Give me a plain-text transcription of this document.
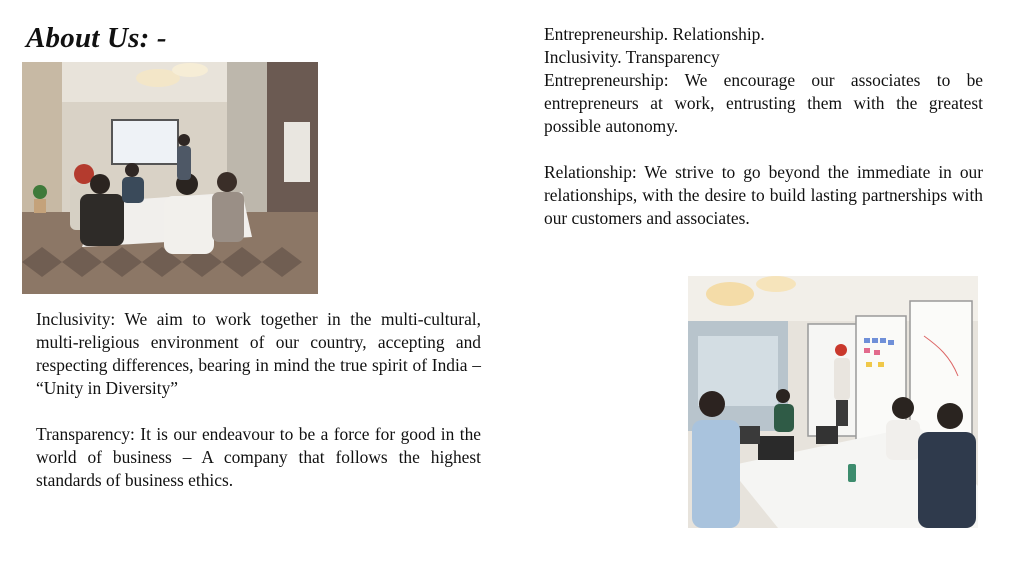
About Us: -	Entrepreneurship. Relationship.
Inclusivity. Transparency

Entrepreneurship: We encourage our associates to be entrepreneurs at work, entrusting them with the greatest possible autonomy.

Relationship: We strive to go beyond the immediate in our relationships, with the desire to build lasting partnerships with our customers and associates.

Inclusivity: We aim to work together in the multi-cultural, multi-religious environment of our country, accepting and respecting differences, bearing in mind the true spirit of India – “Unity in Diversity”

Transparency: It is our endeavour to be a force for good in the world of business – A company that follows the highest standards of business ethics.
